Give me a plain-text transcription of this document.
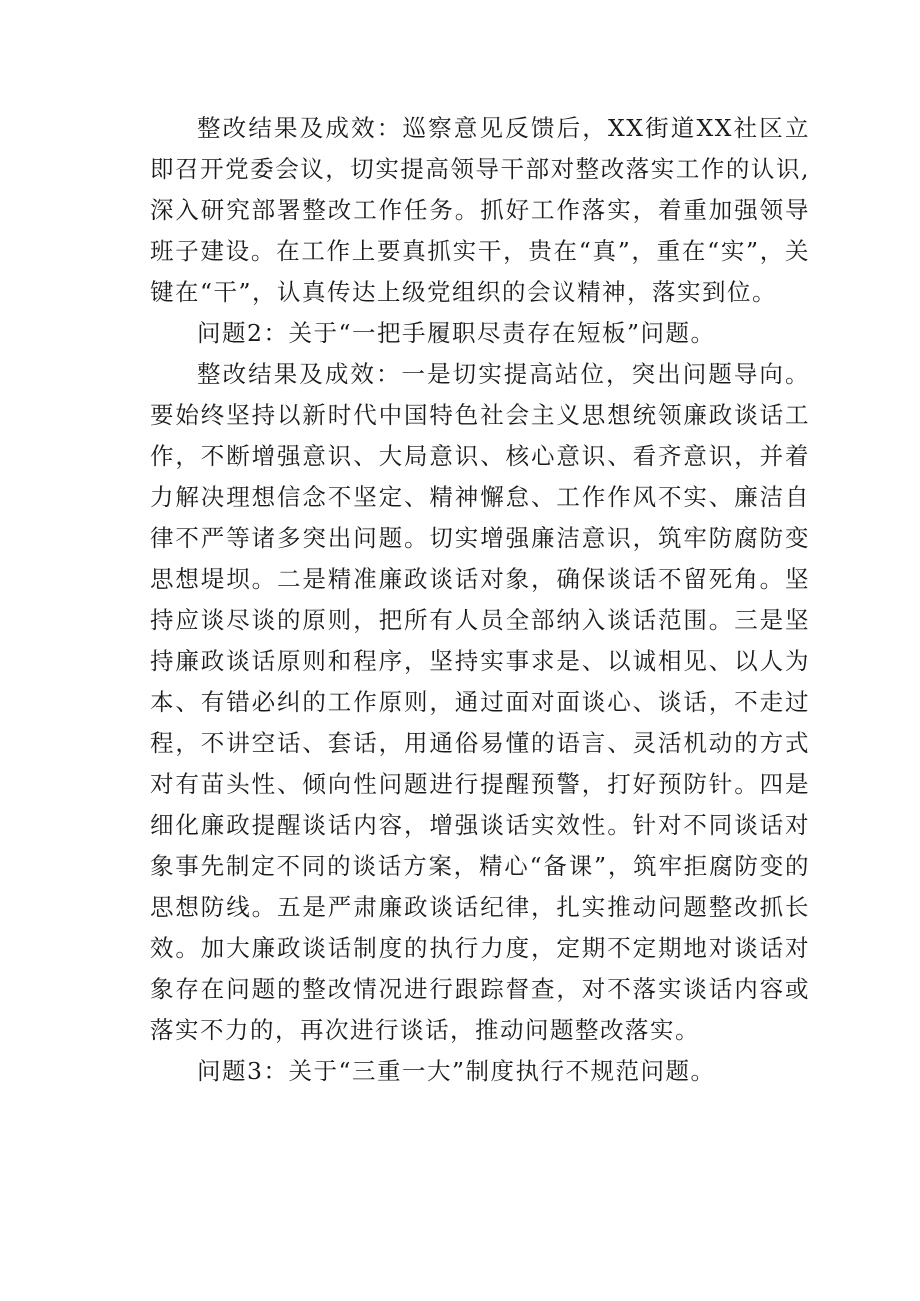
整改结果及成效：巡察意见反馈后，XX街道XX社区立即召开党委会议，切实提高领导干部对整改落实工作的认识,深入研究部署整改工作任务。抓好工作落实，着重加强领导班子建设。在工作上要真抓实干，贵在“真”，重在“实”，关键在“干”，认真传达上级党组织的会议精神，落实到位。

问题2：关于“一把手履职尽责存在短板”问题。

整改结果及成效：一是切实提高站位，突出问题导向。要始终坚持以新时代中国特色社会主义思想统领廉政谈话工作，不断增强意识、大局意识、核心意识、看齐意识，并着力解决理想信念不坚定、精神懈怠、工作作风不实、廉洁自律不严等诸多突出问题。切实增强廉洁意识，筑牢防腐防变思想堤坝。二是精准廉政谈话对象，确保谈话不留死角。坚持应谈尽谈的原则，把所有人员全部纳入谈话范围。三是坚持廉政谈话原则和程序，坚持实事求是、以诚相见、以人为本、有错必纠的工作原则，通过面对面谈心、谈话，不走过程，不讲空话、套话，用通俗易懂的语言、灵活机动的方式对有苗头性、倾向性问题进行提醒预警，打好预防针。四是细化廉政提醒谈话内容，增强谈话实效性。针对不同谈话对象事先制定不同的谈话方案，精心“备课”，筑牢拒腐防变的思想防线。五是严肃廉政谈话纪律，扎实推动问题整改抓长效。加大廉政谈话制度的执行力度，定期不定期地对谈话对象存在问题的整改情况进行跟踪督查，对不落实谈话内容或落实不力的，再次进行谈话，推动问题整改落实。

问题3：关于“三重一大”制度执行不规范问题。
